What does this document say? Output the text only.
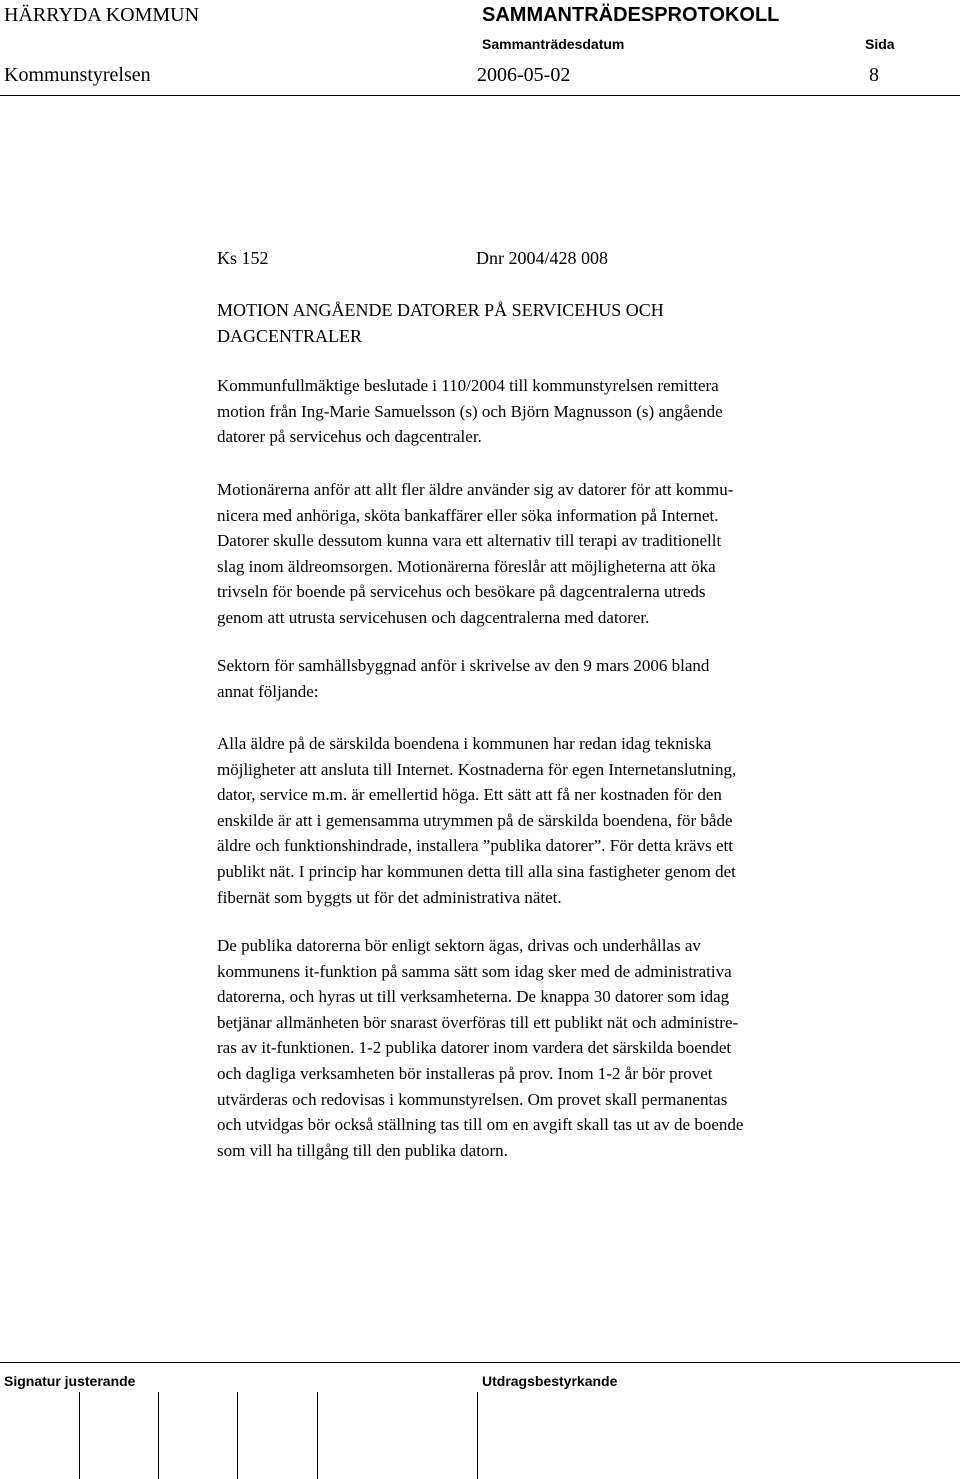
HÄRRYDA KOMMUN	SAMMANTRÄDESPROTOKOLL
Sammanträdesdatum	Sida
Kommunstyrelsen	2006-05-02	8
Ks 152	Dnr 2004/428 008

MOTION ANGÅENDE DATORER PÅ SERVICEHUS OCH

DAGCENTRALER

Kommunfullmäktige beslutade i 110/2004 till kommunstyrelsen remittera

motion från Ing-Marie Samuelsson (s) och Björn Magnusson (s) angående

datorer på servicehus och dagcentraler.

Motionärerna anför att allt fler äldre använder sig av datorer för att kommu-

nicera med anhöriga, sköta bankaffärer eller söka information på Internet.

Datorer skulle dessutom kunna vara ett alternativ till terapi av traditionellt

slag inom äldreomsorgen. Motionärerna föreslår att möjligheterna att öka

trivseln för boende på servicehus och besökare på dagcentralerna utreds

genom att utrusta servicehusen och dagcentralerna med datorer.

Sektorn för samhällsbyggnad anför i skrivelse av den 9 mars 2006 bland

annat följande:

Alla äldre på de särskilda boendena i kommunen har redan idag tekniska

möjligheter att ansluta till Internet. Kostnaderna för egen Internetanslutning,

dator, service m.m. är emellertid höga. Ett sätt att få ner kostnaden för den

enskilde är att i gemensamma utrymmen på de särskilda boendena, för både

äldre och funktionshindrade, installera ”publika datorer”. För detta krävs ett

publikt nät. I princip har kommunen detta till alla sina fastigheter genom det

fibernät som byggts ut för det administrativa nätet.

De publika datorerna bör enligt sektorn ägas, drivas och underhållas av

kommunens it-funktion på samma sätt som idag sker med de administrativa

datorerna, och hyras ut till verksamheterna. De knappa 30 datorer som idag

betjänar allmänheten bör snarast överföras till ett publikt nät och administre-

ras av it-funktionen. 1-2 publika datorer inom vardera det särskilda boendet

och dagliga verksamheten bör installeras på prov. Inom 1-2 år bör provet

utvärderas och redovisas i kommunstyrelsen. Om provet skall permanentas

och utvidgas bör också ställning tas till om en avgift skall tas ut av de boende

som vill ha tillgång till den publika datorn.

Signatur justerande	Utdragsbestyrkande
